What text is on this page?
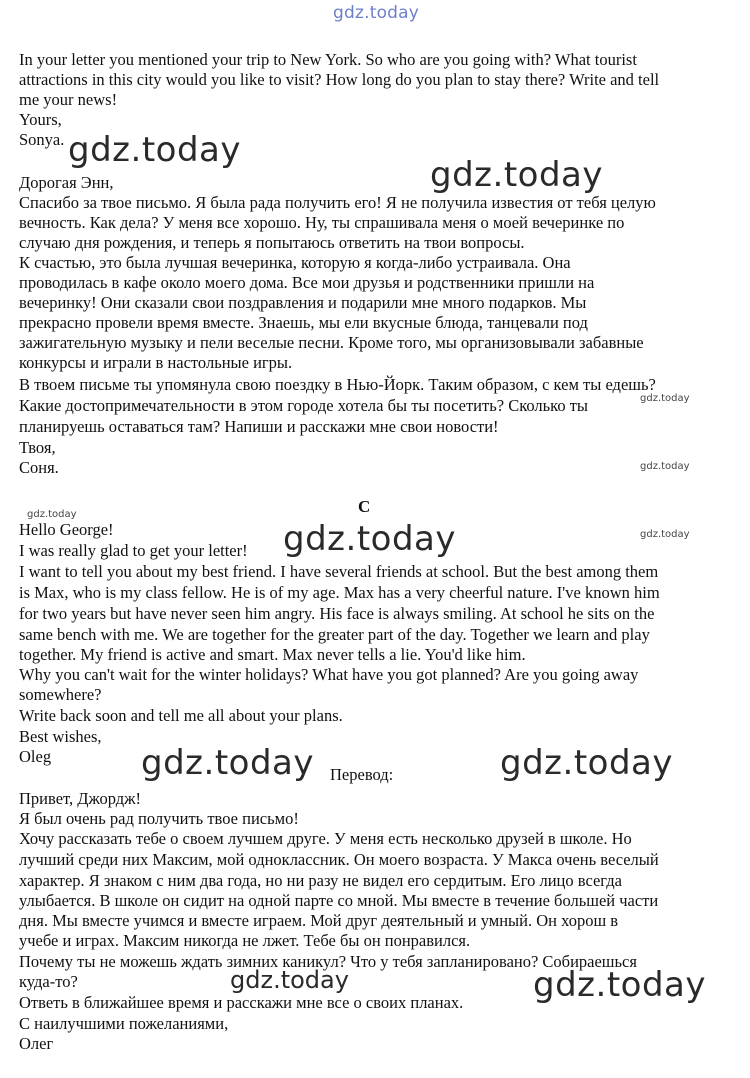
gdz.today
In your letter you mentioned your trip to New York. So who are you going with? What tourist
attractions in this city would you like to visit? How long do you plan to stay there? Write and tell
me your news!
Yours,
Sonya.
Дорогая Энн,
Спасибо за твое письмо. Я была рада получить его! Я не получила известия от тебя целую
вечность. Как дела? У меня все хорошо. Ну, ты спрашивала меня о моей вечеринке по
случаю дня рождения, и теперь я попытаюсь ответить на твои вопросы.
К счастью, это была лучшая вечеринка, которую я когда-либо устраивала. Она
проводилась в кафе около моего дома. Все мои друзья и родственники пришли на
вечеринку! Они сказали свои поздравления и подарили мне много подарков. Мы
прекрасно провели время вместе. Знаешь, мы ели вкусные блюда, танцевали под
зажигательную музыку и пели веселые песни. Кроме того, мы организовывали забавные
конкурсы и играли в настольные игры.
В твоем письме ты упомянула свою поездку в Нью-Йорк. Таким образом, с кем ты едешь?
Какие достопримечательности в этом городе хотела бы ты посетить? Сколько ты
планируешь оставаться там? Напиши и расскажи мне свои новости!
Твоя,
Соня.
C
Hello George!
I was really glad to get your letter!
I want to tell you about my best friend. I have several friends at school. But the best among them
is Max, who is my class fellow. He is of my age. Max has a very cheerful nature. I've known him
for two years but have never seen him angry. His face is always smiling. At school he sits on the
same bench with me. We are together for the greater part of the day. Together we learn and play
together. My friend is active and smart. Max never tells a lie. You'd like him.
Why you can't wait for the winter holidays? What have you got planned? Are you going away
somewhere?
Write back soon and tell me all about your plans.
Best wishes,
Oleg
Перевод:
Привет, Джордж!
Я был очень рад получить твое письмо!
Хочу рассказать тебе о своем лучшем друге. У меня есть несколько друзей в школе. Но
лучший среди них Максим, мой одноклассник. Он моего возраста. У Макса очень веселый
характер. Я знаком с ним два года, но ни разу не видел его сердитым. Его лицо всегда
улыбается. В школе он сидит на одной парте со мной. Мы вместе в течение большей части
дня. Мы вместе учимся и вместе играем. Мой друг деятельный и умный. Он хорош в
учебе и играх. Максим никогда не лжет. Тебе бы он понравился.
Почему ты не можешь ждать зимних каникул? Что у тебя запланировано? Собираешься
куда-то?
Ответь в ближайшее время и расскажи мне все о своих планах.
С наилучшими пожеланиями,
Олег
gdz.today
gdz.today
gdz.today
gdz.today
gdz.today
gdz.today
gdz.today
gdz.today	gdz.today
gdz.today	gdz.today
